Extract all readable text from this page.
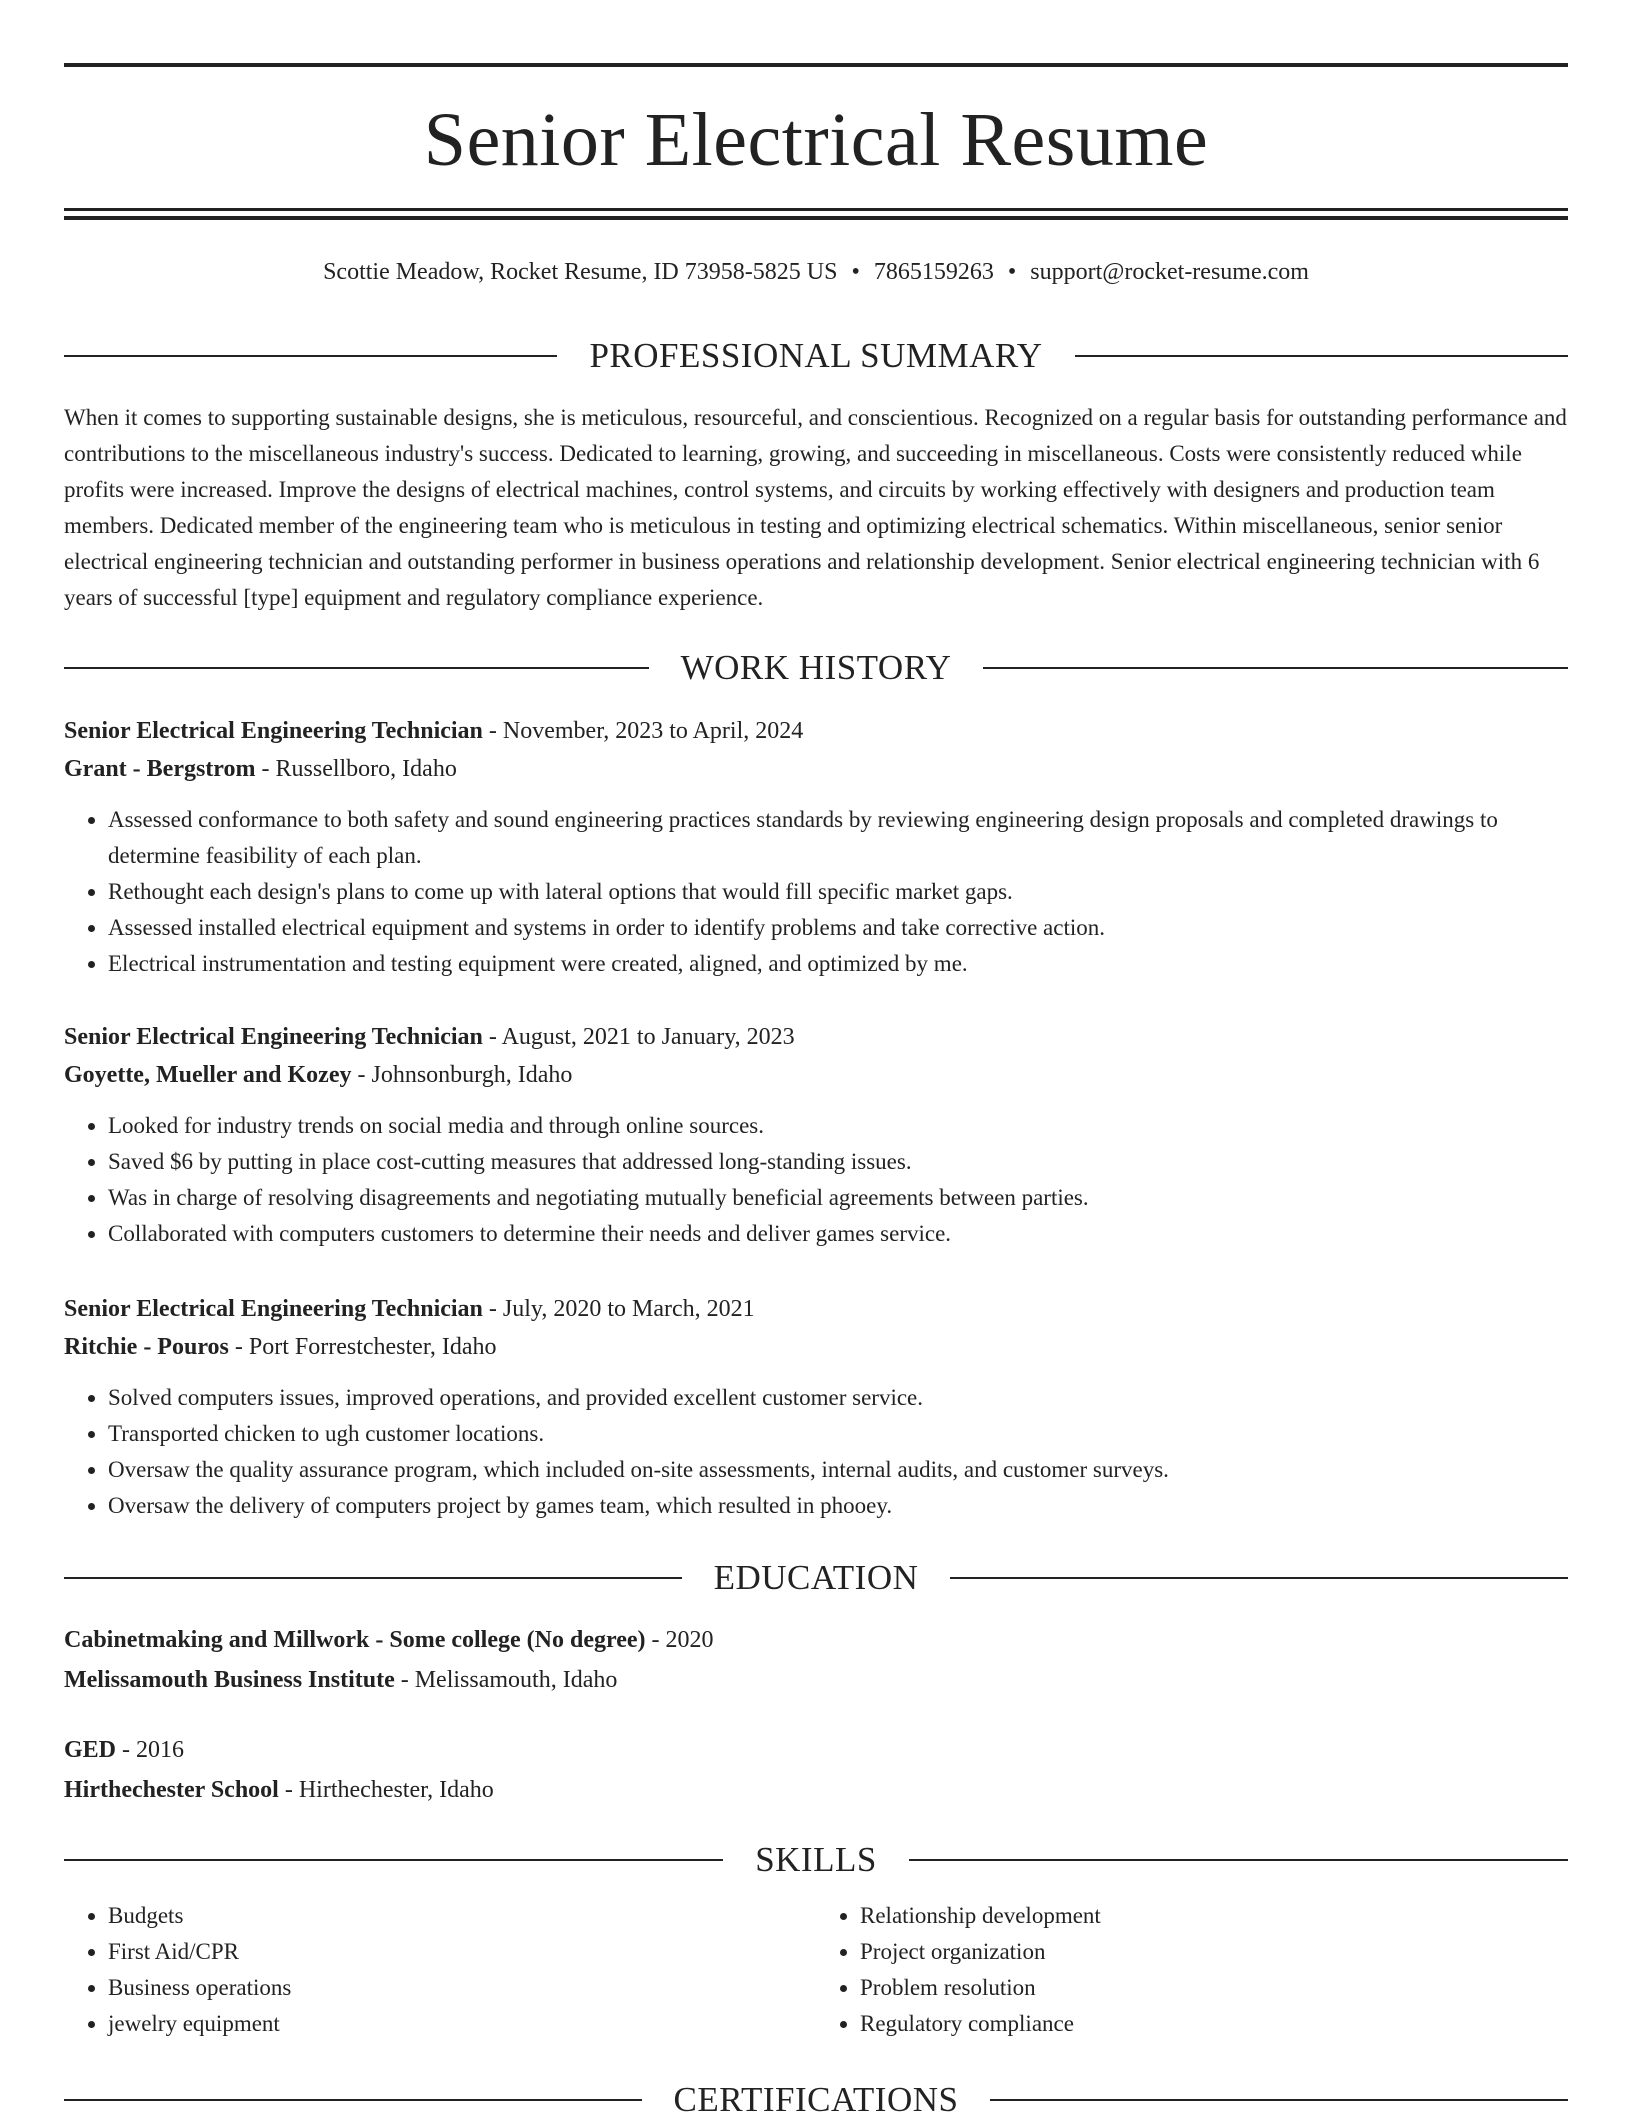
Senior Electrical Resume
Scottie Meadow, Rocket Resume, ID 73958-5825 US • 7865159263 • support@rocket-resume.com
PROFESSIONAL SUMMARY
When it comes to supporting sustainable designs, she is meticulous, resourceful, and conscientious. Recognized on a regular basis for outstanding performance and contributions to the miscellaneous industry's success. Dedicated to learning, growing, and succeeding in miscellaneous. Costs were consistently reduced while profits were increased. Improve the designs of electrical machines, control systems, and circuits by working effectively with designers and production team members. Dedicated member of the engineering team who is meticulous in testing and optimizing electrical schematics. Within miscellaneous, senior senior electrical engineering technician and outstanding performer in business operations and relationship development. Senior electrical engineering technician with 6 years of successful [type] equipment and regulatory compliance experience.
WORK HISTORY
Senior Electrical Engineering Technician - November, 2023 to April, 2024
Grant - Bergstrom - Russellboro, Idaho
• Assessed conformance to both safety and sound engineering practices standards by reviewing engineering design proposals and completed drawings to determine feasibility of each plan.
• Rethought each design's plans to come up with lateral options that would fill specific market gaps.
• Assessed installed electrical equipment and systems in order to identify problems and take corrective action.
• Electrical instrumentation and testing equipment were created, aligned, and optimized by me.
Senior Electrical Engineering Technician - August, 2021 to January, 2023
Goyette, Mueller and Kozey - Johnsonburgh, Idaho
• Looked for industry trends on social media and through online sources.
• Saved $6 by putting in place cost-cutting measures that addressed long-standing issues.
• Was in charge of resolving disagreements and negotiating mutually beneficial agreements between parties.
• Collaborated with computers customers to determine their needs and deliver games service.
Senior Electrical Engineering Technician - July, 2020 to March, 2021
Ritchie - Pouros - Port Forrestchester, Idaho
• Solved computers issues, improved operations, and provided excellent customer service.
• Transported chicken to ugh customer locations.
• Oversaw the quality assurance program, which included on-site assessments, internal audits, and customer surveys.
• Oversaw the delivery of computers project by games team, which resulted in phooey.
EDUCATION
Cabinetmaking and Millwork - Some college (No degree) - 2020
Melissamouth Business Institute - Melissamouth, Idaho
GED - 2016
Hirthechester School - Hirthechester, Idaho
SKILLS
• Budgets
• First Aid/CPR
• Business operations
• jewelry equipment
• Relationship development
• Project organization
• Problem resolution
• Regulatory compliance
CERTIFICATIONS
